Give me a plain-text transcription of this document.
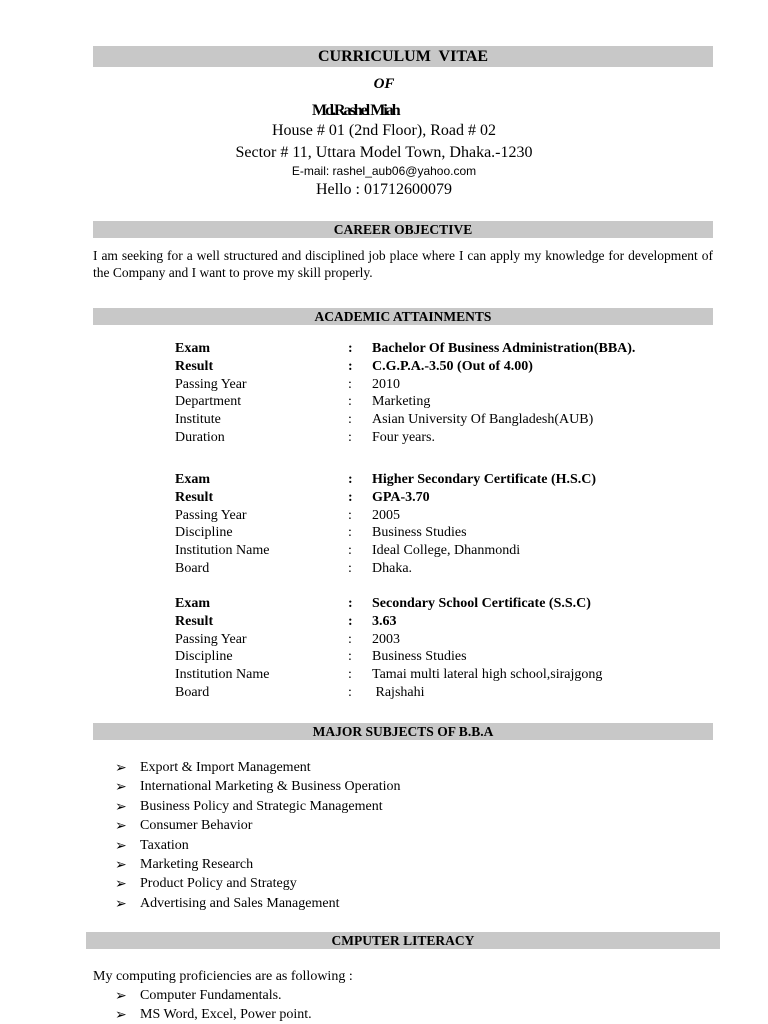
CURRICULUM  VITAE
OF
Md.Rashel Miah
House # 01 (2nd Floor), Road # 02
Sector # 11, Uttara Model Town, Dhaka.-1230
E-mail: rashel_aub06@yahoo.com
Hello : 01712600079
CAREER OBJECTIVE
I am seeking for a well structured and disciplined job place where I can apply my knowledge for development of the Company and I want to prove my skill properly.
ACADEMIC ATTAINMENTS
Exam	: Bachelor Of Business Administration(BBA).
Result	: C.G.P.A.-3.50 (Out of 4.00)
Passing Year	: 2010
Department	: Marketing
Institute	: Asian University Of Bangladesh(AUB)
Duration	: Four years.
Exam	: Higher Secondary Certificate (H.S.C)
Result	: GPA-3.70
Passing Year	: 2005
Discipline	: Business Studies
Institution Name	: Ideal College, Dhanmondi
Board	: Dhaka.
Exam	: Secondary School Certificate (S.S.C)
Result	: 3.63
Passing Year	: 2003
Discipline	: Business Studies
Institution Name	: Tamai multi lateral high school,sirajgong
Board	: Rajshahi
MAJOR SUBJECTS OF B.B.A
➢ Export & Import Management
➢ International Marketing & Business Operation
➢ Business Policy and Strategic Management
➢ Consumer Behavior
➢ Taxation
➢ Marketing Research
➢ Product Policy and Strategy
➢ Advertising and Sales Management
CMPUTER LITERACY
My computing proficiencies are as following :
➢ Computer Fundamentals.
➢ MS Word, Excel, Power point.
